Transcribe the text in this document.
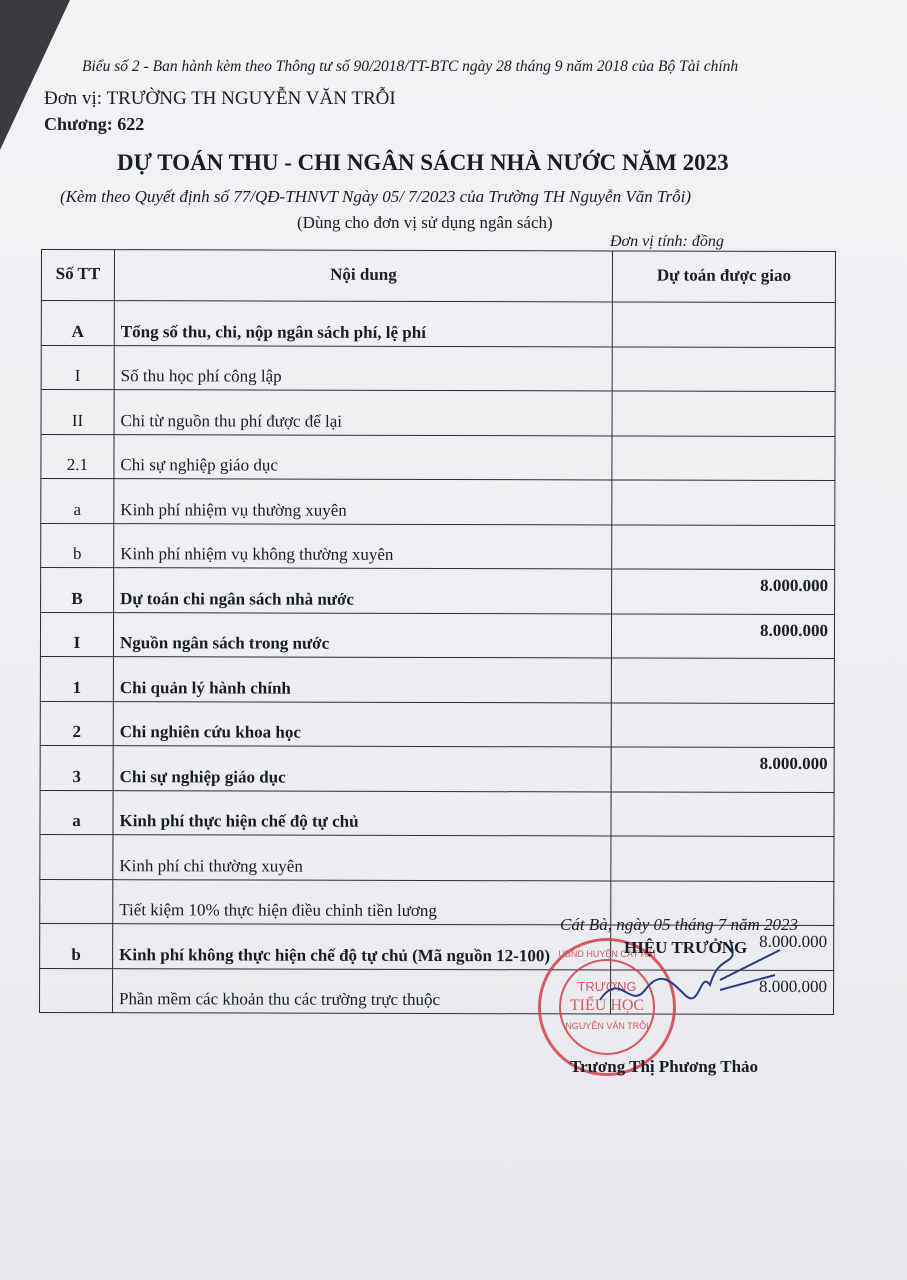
Biểu số 2 - Ban hành kèm theo Thông tư số 90/2018/TT-BTC ngày 28 tháng 9 năm 2018 của Bộ Tài chính
Đơn vị: TRƯỜNG TH NGUYỄN VĂN TRỖI
Chương: 622
DỰ TOÁN THU - CHI NGÂN SÁCH NHÀ NƯỚC NĂM 2023
(Kèm theo Quyết định số 77/QĐ-THNVT Ngày 05/ 7/2023 của Trường TH Nguyễn Văn Trỗi)
(Dùng cho đơn vị sử dụng ngân sách)
Đơn vị tính: đồng
Số TT	Nội dung	Dự toán được giao
A	Tổng số thu, chi, nộp ngân sách phí, lệ phí	
I	Số thu học phí công lập	
II	Chi từ nguồn thu phí được để lại	
2.1	Chi sự nghiệp giáo dục	
a	Kinh phí nhiệm vụ thường xuyên	
b	Kinh phí nhiệm vụ không thường xuyên	
B	Dự toán chi ngân sách nhà nước	8.000.000
I	Nguồn ngân sách trong nước	8.000.000
1	Chi quản lý hành chính	
2	Chi nghiên cứu khoa học	
3	Chi sự nghiệp giáo dục	8.000.000
a	Kinh phí thực hiện chế độ tự chủ	
	Kinh phí chi thường xuyên	
	Tiết kiệm 10% thực hiện điều chỉnh tiền lương	
b	Kinh phí không thực hiện chế độ tự chủ (Mã nguồn 12-100)	8.000.000
	Phần mềm các khoản thu các trường trực thuộc	8.000.000
UBND HUYỆN CÁT HẢI
TRƯỜNG
TIỂU HỌC
NGUYỄN VĂN TRỖI
Cát Bà, ngày 05 tháng 7 năm 2023
HIỆU TRƯỞNG
Trương Thị Phương Thảo
